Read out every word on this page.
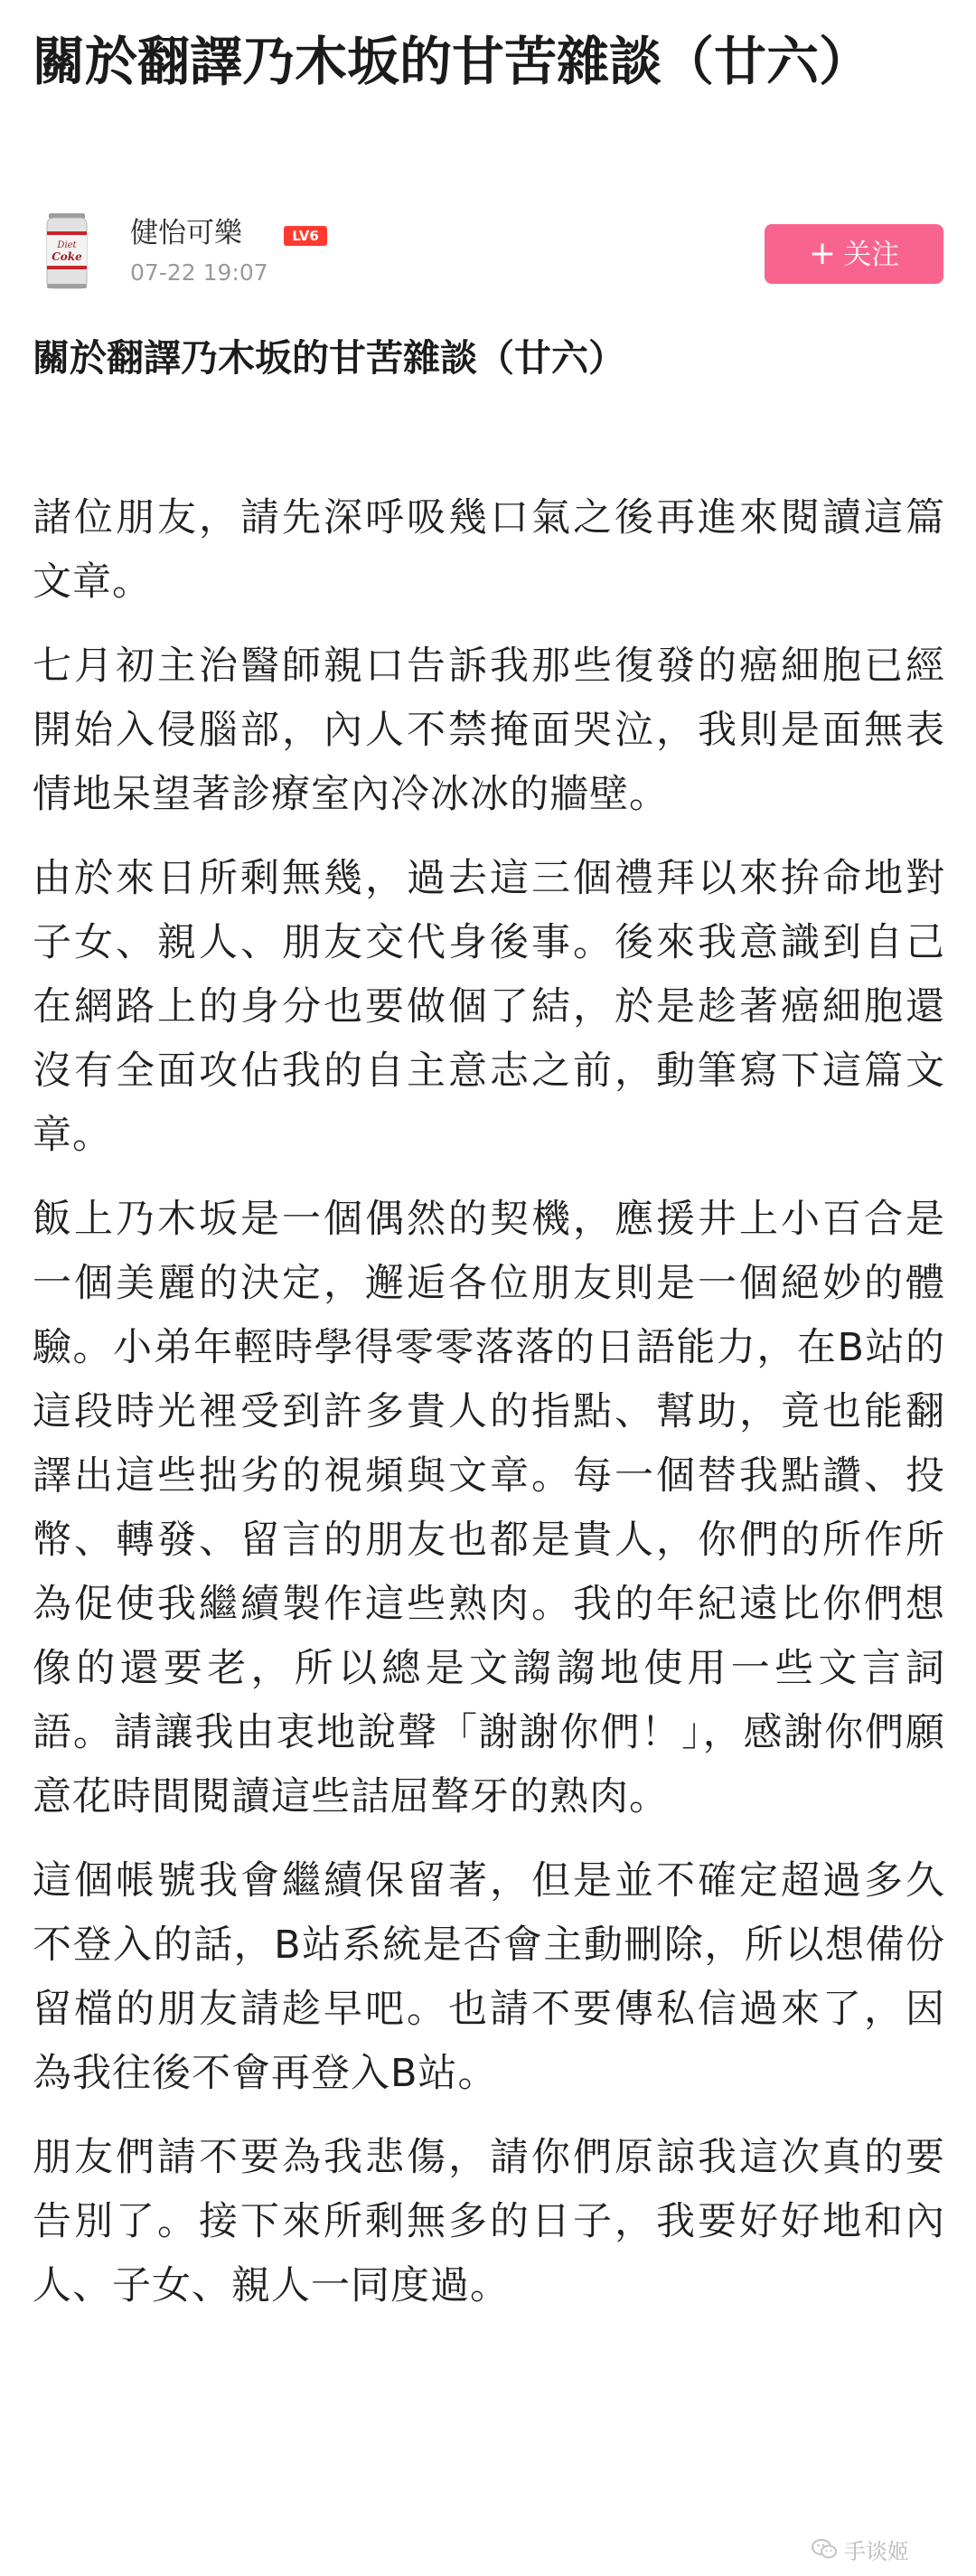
關於翻譯乃木坂的甘苦雜談（廿六）
Diet
Coke
健怡可樂	LV6
07-22 19:07
+ 关注
關於翻譯乃木坂的甘苦雜談（廿六）

諸位朋友，請先深呼吸幾口氣之後再進來閱讀這篇文章。

七月初主治醫師親口告訴我那些復發的癌細胞已經開始入侵腦部，內人不禁掩面哭泣，我則是面無表情地呆望著診療室內冷冰冰的牆壁。

由於來日所剩無幾，過去這三個禮拜以來拚命地對子女、親人、朋友交代身後事。後來我意識到自己在網路上的身分也要做個了結，於是趁著癌細胞還沒有全面攻佔我的自主意志之前，動筆寫下這篇文章。

飯上乃木坂是一個偶然的契機，應援井上小百合是一個美麗的決定，邂逅各位朋友則是一個絕妙的體驗。小弟年輕時學得零零落落的日語能力，在B站的這段時光裡受到許多貴人的指點、幫助，竟也能翻譯出這些拙劣的視頻與文章。每一個替我點讚、投幣、轉發、留言的朋友也都是貴人，你們的所作所為促使我繼續製作這些熟肉。我的年紀遠比你們想像的還要老，所以總是文謅謅地使用一些文言詞語。請讓我由衷地說聲「謝謝你們！」，感謝你們願意花時間閱讀這些詰屈聱牙的熟肉。

這個帳號我會繼續保留著，但是並不確定超過多久不登入的話，B站系統是否會主動刪除，所以想備份留檔的朋友請趁早吧。也請不要傳私信過來了，因為我往後不會再登入B站。

朋友們請不要為我悲傷，請你們原諒我這次真的要告別了。接下來所剩無多的日子，我要好好地和內人、子女、親人一同度過。

手谈姬
